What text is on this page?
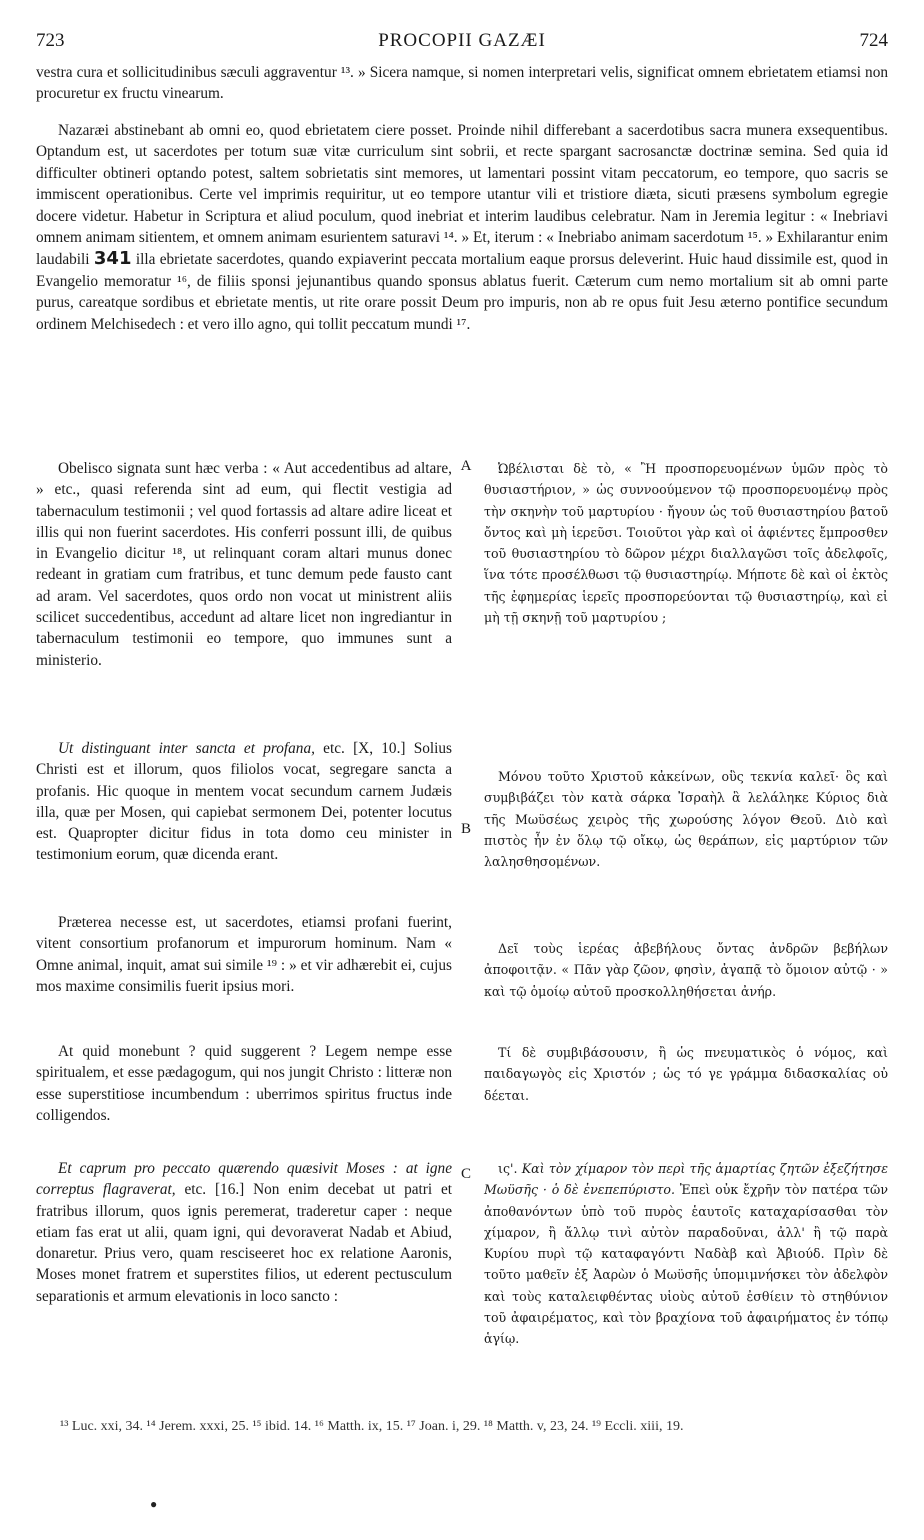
723	PROCOPII GAZÆI	724

vestra cura et sollicitudinibus sæculi aggraventur ¹³. » Sicera namque, si nomen interpretari velis, significat omnem ebrietatem etiamsi non procuretur ex fructu vinearum.

Nazaræi abstinebant ab omni eo, quod ebrietatem ciere posset. Proinde nihil differebant a sacerdotibus sacra munera exsequentibus. Optandum est, ut sacerdotes per totum suæ vitæ curriculum sint sobrii, et recte spargant sacrosanctæ doctrinæ semina. Sed quia id difficulter obtineri optando potest, saltem sobrietatis sint memores, ut lamentari possint vitam peccatorum, eo tempore, quo sacris se immiscent operationibus. Certe vel imprimis requiritur, ut eo tempore utantur vili et tristiore diæta, sicuti præsens symbolum egregie docere videtur. Habetur in Scriptura et aliud poculum, quod inebriat et interim laudibus celebratur. Nam in Jeremia legitur : « Inebriavi omnem animam sitientem, et omnem animam esurientem saturavi ¹⁴. » Et, iterum : « Inebriabo animam sacerdotum ¹⁵. » Exhilarantur enim laudabili 341 illa ebrietate sacerdotes, quando expiaverint peccata mortalium eaque prorsus deleverint. Huic haud dissimile est, quod in Evangelio memoratur ¹⁶, de filiis sponsi jejunantibus quando sponsus ablatus fuerit. Cæterum cum nemo mortalium sit ab omni parte purus, careatque sordibus et ebrietate mentis, ut rite orare possit Deum pro impuris, non ab re opus fuit Jesu æterno pontifice secundum ordinem Melchisedech : et vero illo agno, qui tollit peccatum mundi ¹⁷.

A
B
C

Obelisco signata sunt hæc verba : « Aut accedentibus ad altare, » etc., quasi referenda sint ad eum, qui flectit vestigia ad tabernaculum testimonii ; vel quod fortassis ad altare adire liceat et illis qui non fuerint sacerdotes. His conferri possunt illi, de quibus in Evangelio dicitur ¹⁸, ut relinquant coram altari munus donec redeant in gratiam cum fratribus, et tunc demum pede fausto cant ad aram. Vel sacerdotes, quos ordo non vocat ut ministrent aliis scilicet succedentibus, accedunt ad altare licet non ingrediantur in tabernaculum testimonii eo tempore, quo immunes sunt a ministerio.

Ut distinguant inter sancta et profana, etc. [X, 10.] Solius Christi est et illorum, quos filiolos vocat, segregare sancta a profanis. Hic quoque in mentem vocat secundum carnem Judæis illa, quæ per Mosen, qui capiebat sermonem Dei, potenter locutus est. Quapropter dicitur fidus in tota domo ceu minister in testimonium eorum, quæ dicenda erant.

Præterea necesse est, ut sacerdotes, etiamsi profani fuerint, vitent consortium profanorum et impurorum hominum. Nam « Omne animal, inquit, amat sui simile ¹⁹ : » et vir adhærebit ei, cujus mos maxime consimilis fuerit ipsius mori.

At quid monebunt ? quid suggerent ? Legem nempe esse spiritualem, et esse pædagogum, qui nos jungit Christo : litteræ non esse superstitiose incumbendum : uberrimos spiritus fructus inde colligendos.

Et caprum pro peccato quærendo quæsivit Moses : at igne correptus flagraverat, etc. [16.] Non enim decebat ut patri et fratribus illorum, quos ignis peremerat, traderetur caper : neque etiam fas erat ut alii, quam igni, qui devoraverat Nadab et Abiud, donaretur. Prius vero, quam resciseeret hoc ex relatione Aaronis, Moses monet fratrem et superstites filios, ut ederent pectusculum separationis et armum elevationis in loco sancto :

Ὠβέλισται δὲ τὸ, « Ἢ προσπορευομένων ὑμῶν πρὸς τὸ θυσιαστήριον, » ὡς συννοούμενον τῷ προσπορευομένῳ πρὸς τὴν σκηνὴν τοῦ μαρτυρίου · ἤγουν ὡς τοῦ θυσιαστηρίου βατοῦ ὄντος καὶ μὴ ἱερεῦσι. Τοιοῦτοι γὰρ καὶ οἱ ἀφιέντες ἔμπροσθεν τοῦ θυσιαστηρίου τὸ δῶρον μέχρι διαλλαγῶσι τοῖς ἀδελφοῖς, ἵνα τότε προσέλθωσι τῷ θυσιαστηρίῳ. Μήποτε δὲ καὶ οἱ ἐκτὸς τῆς ἐφημερίας ἱερεῖς προσπορεύονται τῷ θυσιαστηρίῳ, καὶ εἰ μὴ τῇ σκηνῇ τοῦ μαρτυρίου ;

Μόνου τοῦτο Χριστοῦ κἀκείνων, οὓς τεκνία καλεῖ· ὃς καὶ συμβιβάζει τὸν κατὰ σάρκα Ἰσραὴλ ἃ λελάληκε Κύριος διὰ τῆς Μωϋσέως χειρὸς τῆς χωρούσης λόγον Θεοῦ. Διὸ καὶ πιστὸς ἦν ἐν ὅλῳ τῷ οἴκῳ, ὡς θεράπων, εἰς μαρτύριον τῶν λαλησθησομένων.

Δεῖ τοὺς ἱερέας ἀβεβήλους ὄντας ἀνδρῶν βεβήλων ἀποφοιτᾷν. « Πᾶν γὰρ ζῶον, φησὶν, ἀγαπᾷ τὸ ὅμοιον αὐτῷ · » καὶ τῷ ὁμοίῳ αὐτοῦ προσκολληθήσεται ἀνήρ.

Τί δὲ συμβιβάσουσιν, ἢ ὡς πνευματικὸς ὁ νόμος, καὶ παιδαγωγὸς εἰς Χριστόν ; ὡς τό γε γράμμα διδασκαλίας οὐ δέεται.

ις'. Καὶ τὸν χίμαρον τὸν περὶ τῆς ἁμαρτίας ζητῶν ἐξεζήτησε Μωϋσῆς · ὁ δὲ ἐνεπεπύριστο. Ἐπεὶ οὐκ ἔχρῆν τὸν πατέρα τῶν ἀποθανόντων ὑπὸ τοῦ πυρὸς ἑαυτοῖς καταχαρίσασθαι τὸν χίμαρον, ἢ ἄλλῳ τινὶ αὐτὸν παραδοῦναι, ἀλλ' ἢ τῷ παρὰ Κυρίου πυρὶ τῷ καταφαγόντι Ναδὰβ καὶ Ἀβιούδ. Πρὶν δὲ τοῦτο μαθεῖν ἐξ Ἀαρὼν ὁ Μωϋσῆς ὑπομιμνήσκει τὸν ἀδελφὸν καὶ τοὺς καταλειφθέντας υἱοὺς αὐτοῦ ἐσθίειν τὸ στηθύνιον τοῦ ἀφαιρέματος, καὶ τὸν βραχίονα τοῦ ἀφαιρήματος ἐν τόπῳ ἁγίῳ.

¹³ Luc. xxi, 34. ¹⁴ Jerem. xxxi, 25. ¹⁵ ibid. 14. ¹⁶ Matth. ix, 15. ¹⁷ Joan. i, 29. ¹⁸ Matth. v, 23, 24. ¹⁹ Eccli. xiii, 19.

●
